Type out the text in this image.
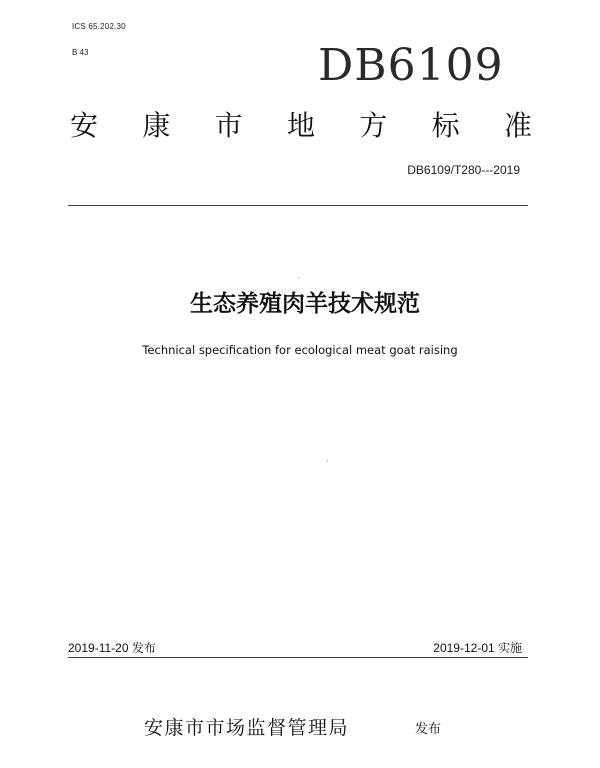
ICS 65.202.30
B 43	DB6109
安 康 市 地 方 标 准
DB6109/T280---2019
生态养殖肉羊技术规范
Technical specification for ecological meat goat raising
2019-11-20 发布	2019-12-01 实施
安康市市场监督管理局	发布
